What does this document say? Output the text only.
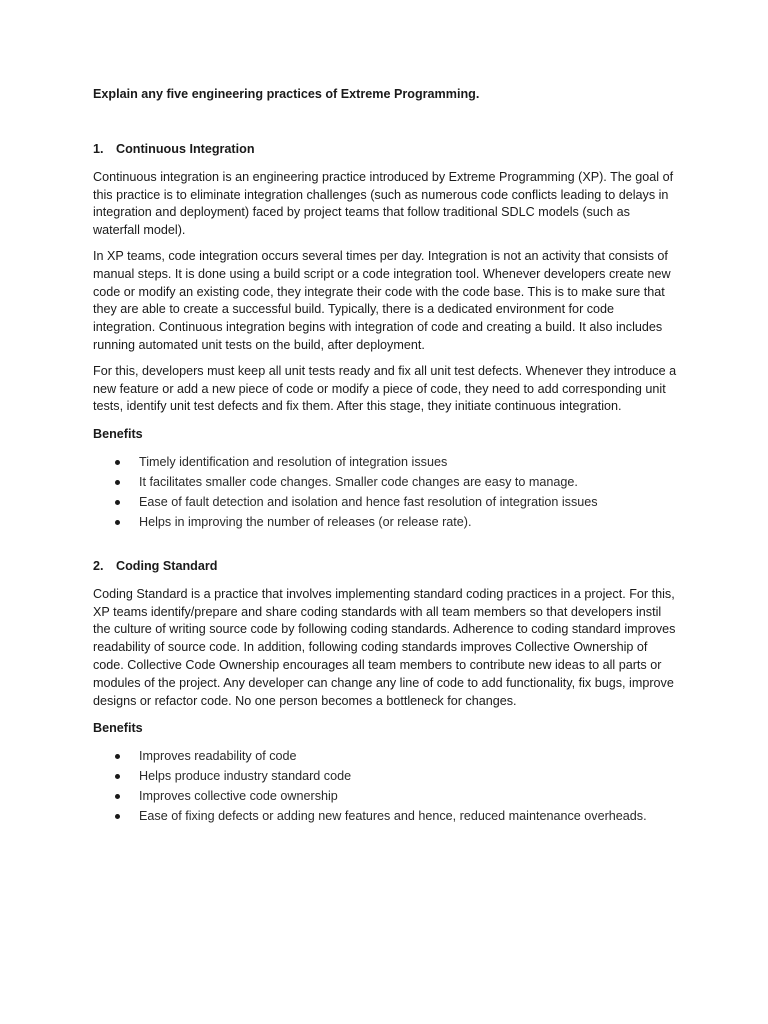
Explain any five engineering practices of Extreme Programming.

1. Continuous Integration

Continuous integration is an engineering practice introduced by Extreme Programming (XP). The goal of this practice is to eliminate integration challenges (such as numerous code conflicts leading to delays in integration and deployment) faced by project teams that follow traditional SDLC models (such as waterfall model).

In XP teams, code integration occurs several times per day. Integration is not an activity that consists of manual steps. It is done using a build script or a code integration tool. Whenever developers create new code or modify an existing code, they integrate their code with the code base. This is to make sure that they are able to create a successful build. Typically, there is a dedicated environment for code integration. Continuous integration begins with integration of code and creating a build. It also includes running automated unit tests on the build, after deployment.

For this, developers must keep all unit tests ready and fix all unit test defects. Whenever they introduce a new feature or add a new piece of code or modify a piece of code, they need to add corresponding unit tests, identify unit test defects and fix them. After this stage, they initiate continuous integration.

Benefits

Timely identification and resolution of integration issues
It facilitates smaller code changes. Smaller code changes are easy to manage.
Ease of fault detection and isolation and hence fast resolution of integration issues
Helps in improving the number of releases (or release rate).
2. Coding Standard

Coding Standard is a practice that involves implementing standard coding practices in a project. For this, XP teams identify/prepare and share coding standards with all team members so that developers instil the culture of writing source code by following coding standards. Adherence to coding standard improves readability of source code. In addition, following coding standards improves Collective Ownership of code. Collective Code Ownership encourages all team members to contribute new ideas to all parts or modules of the project. Any developer can change any line of code to add functionality, fix bugs, improve designs or refactor code. No one person becomes a bottleneck for changes.

Benefits

Improves readability of code
Helps produce industry standard code
Improves collective code ownership
Ease of fixing defects or adding new features and hence, reduced maintenance overheads.
